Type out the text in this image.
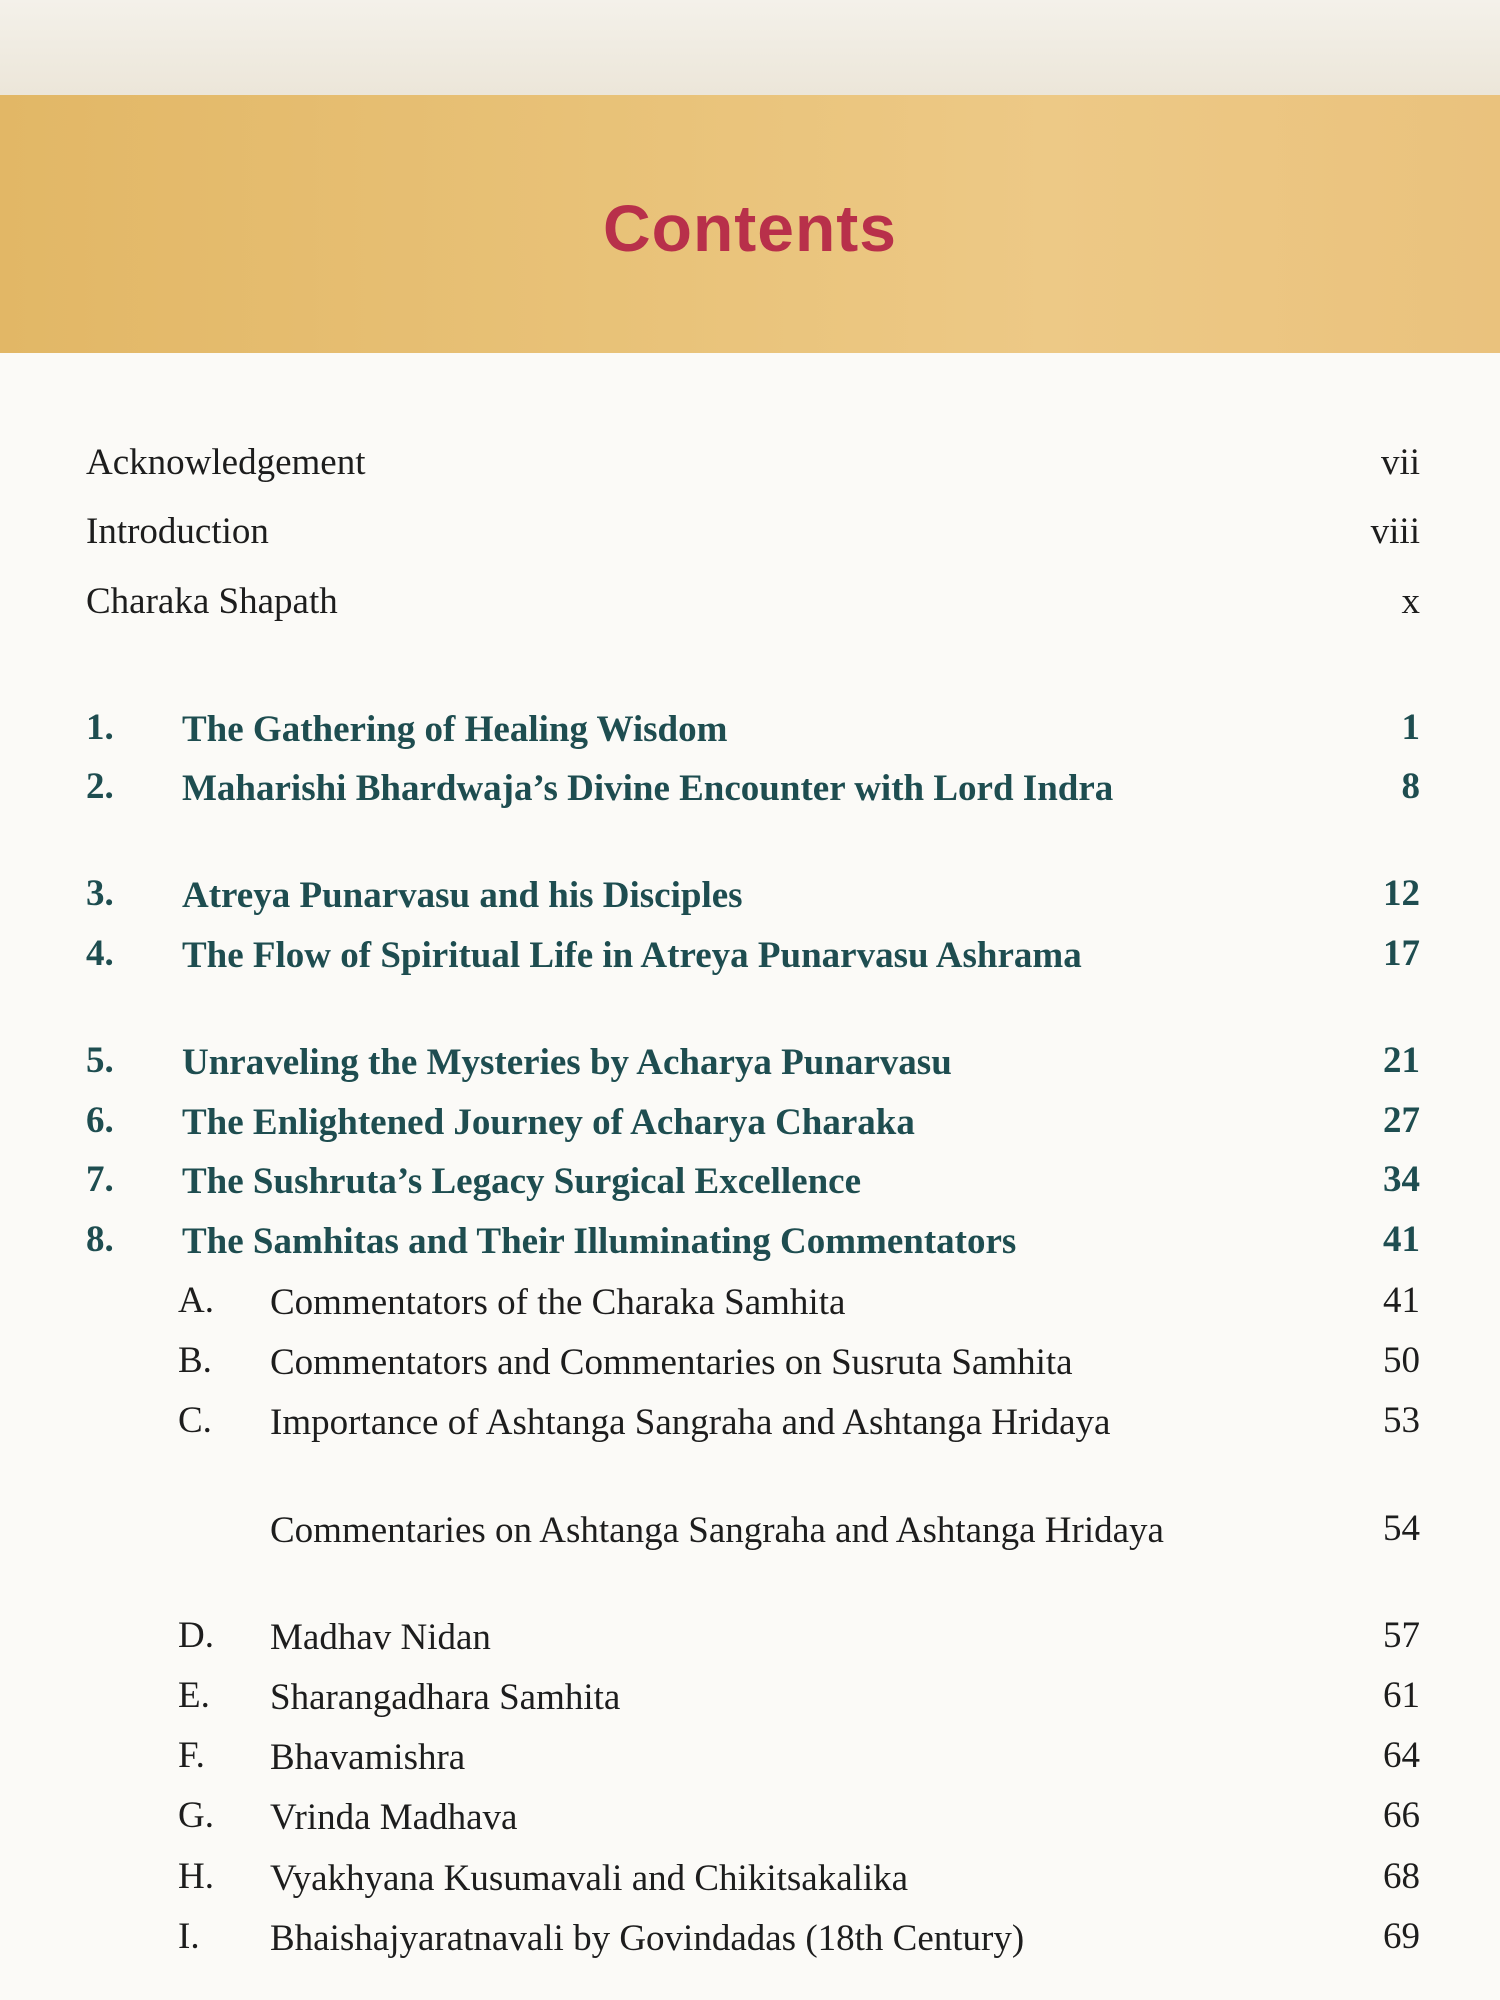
Contents
Acknowledgement	vii
Introduction	viii
Charaka Shapath	x
1. The Gathering of Healing Wisdom	1
2. Maharishi Bhardwaja’s Divine Encounter with Lord Indra	8
3. Atreya Punarvasu and his Disciples	12
4. The Flow of Spiritual Life in Atreya Punarvasu Ashrama	17
5. Unraveling the Mysteries by Acharya Punarvasu	21
6. The Enlightened Journey of Acharya Charaka	27
7. The Sushruta’s Legacy Surgical Excellence	34
8. The Samhitas and Their Illuminating Commentators	41
A. Commentators of the Charaka Samhita	41
B. Commentators and Commentaries on Susruta Samhita	50
C. Importance of Ashtanga Sangraha and Ashtanga Hridaya	53
Commentaries on Ashtanga Sangraha and Ashtanga Hridaya	54
D. Madhav Nidan	57
E. Sharangadhara Samhita	61
F. Bhavamishra	64
G. Vrinda Madhava	66
H. Vyakhyana Kusumavali and Chikitsakalika	68
I. Bhaishajyaratnavali by Govindadas (18th Century)	69
